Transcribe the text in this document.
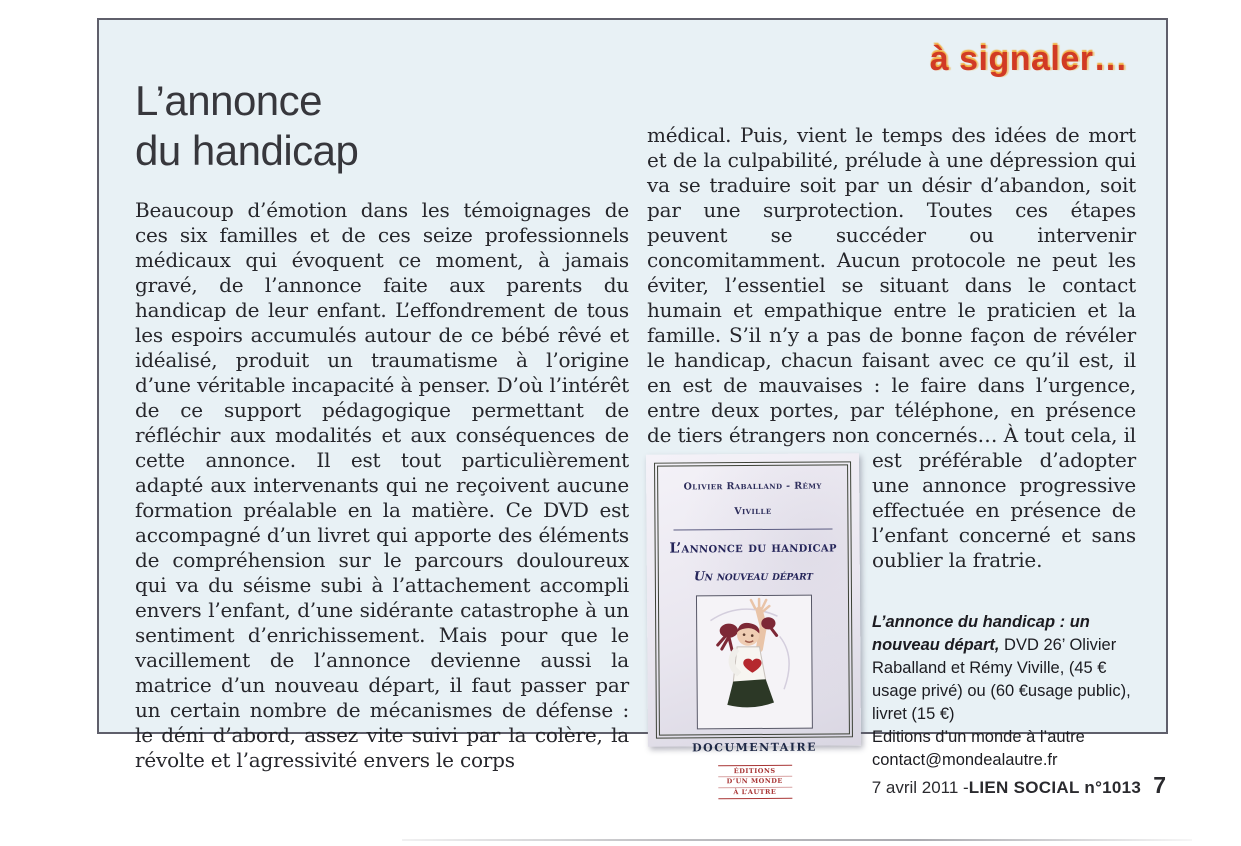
à signaler…
L’annonce
du handicap
Beaucoup d’émotion dans les témoignages de ces six familles et de ces seize professionnels médicaux qui évoquent ce moment, à jamais gravé, de l’annonce faite aux parents du handicap de leur enfant. L’effondrement de tous les espoirs accumulés autour de ce bébé rêvé et idéalisé, produit un traumatisme à l’origine d’une véritable incapacité à penser. D’où l’intérêt de ce support pédagogique permettant de réfléchir aux modalités et aux conséquences de cette annonce. Il est tout particulièrement adapté aux intervenants qui ne reçoivent aucune formation préalable en la matière. Ce DVD est accompagné d’un livret qui apporte des éléments de compréhension sur le parcours douloureux qui va du séisme subi à l’attachement accompli envers l’enfant, d’une sidérante catastrophe à un sentiment d’enrichissement. Mais pour que le vacillement de l’annonce devienne aussi la matrice d’un nouveau départ, il faut passer par un certain nombre de mécanismes de défense : le déni d’abord, assez vite suivi par la colère, la révolte et l’agressivité envers le corps
médical. Puis, vient le temps des idées de mort et de la culpabilité, prélude à une dépression qui va se traduire soit par un désir d’abandon, soit par une surprotection. Toutes ces étapes peuvent se succéder ou intervenir concomitamment. Aucun protocole ne peut les éviter, l’essentiel se situant dans le contact humain et empathique entre le praticien et la famille. S’il n’y a pas de bonne façon de révéler le handicap, chacun faisant avec ce qu’il est, il en est de mauvaises : le faire dans l’urgence, entre deux portes, par téléphone, en présence de tiers étrangers non concernés… À tout
Olivier Raballand - Rémy Viville
L’annonce du handicap
Un nouveau départ
DOCUMENTAIRE
ÉDITIONS
D’UN MONDE
À L’AUTRE
cela, il est préférable d’adopter une annonce progressive effectuée en présence de l’enfant concerné et sans oublier la fratrie.
L’annonce du handicap : un nouveau départ, DVD 26’ Olivier Raballand et Rémy Viville, (45 € usage privé) ou (60 €usage public), livret (15 €)
Editions d’un monde à l’autre
contact@mondealautre.fr
7 avril 2011 - LIEN SOCIAL n°1013 7
